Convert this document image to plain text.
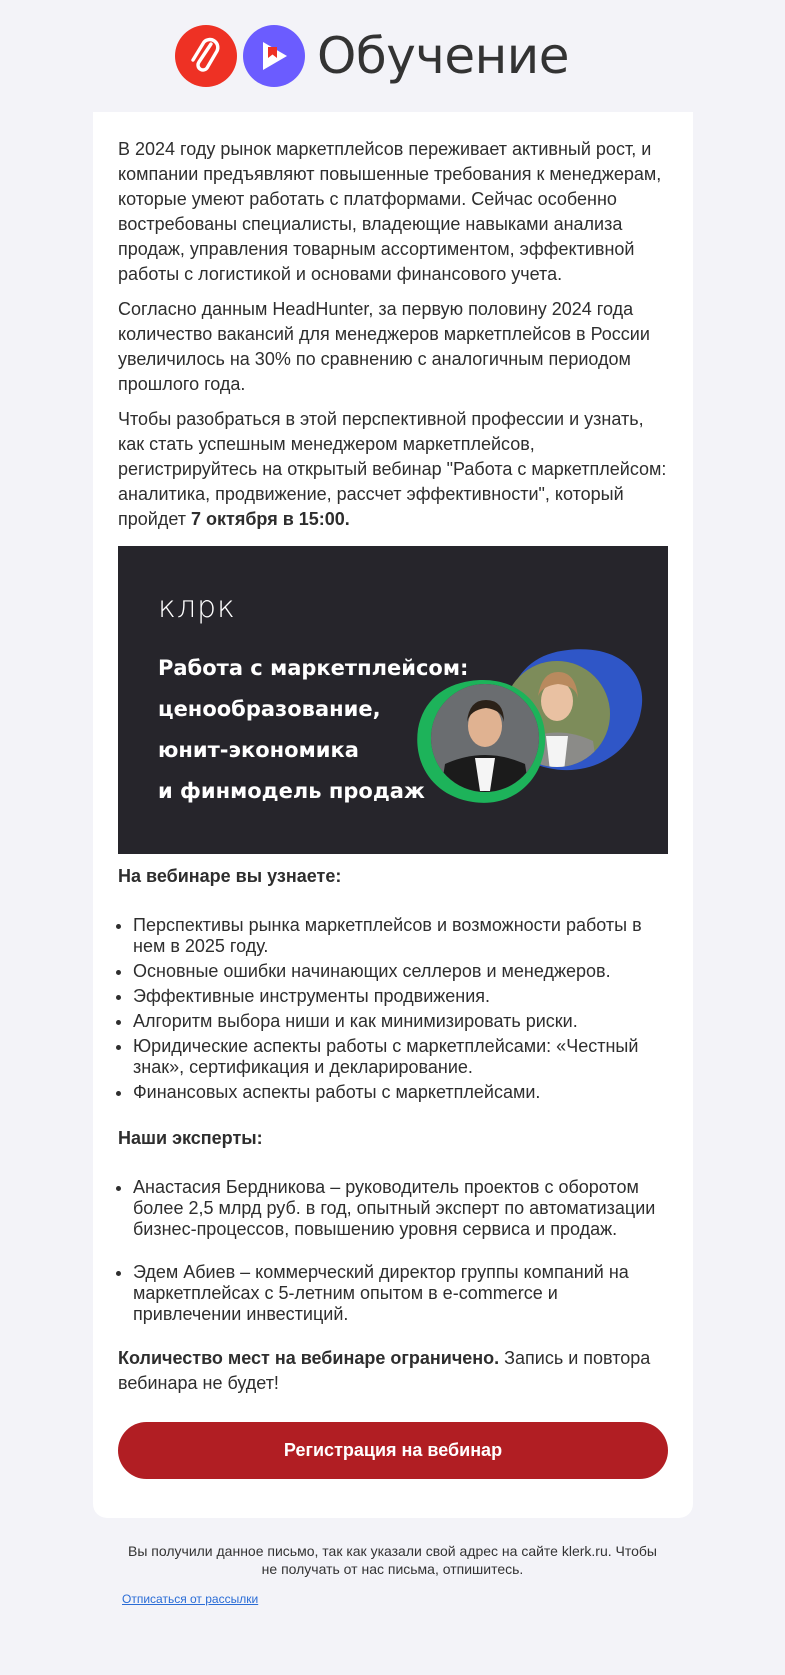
Обучение

В 2024 году рынок маркетплейсов переживает активный рост, и компании предъявляют повышенные требования к менеджерам, которые умеют работать с платформами. Сейчас особенно востребованы специалисты, владеющие навыками анализа продаж, управления товарным ассортиментом, эффективной работы с логистикой и основами финансового учета.

Согласно данным HeadHunter, за первую половину 2024 года количество вакансий для менеджеров маркетплейсов в России увеличилось на 30% по сравнению с аналогичным периодом прошлого года.

Чтобы разобраться в этой перспективной профессии и узнать, как стать успешным менеджером маркетплейсов, регистрируйтесь на открытый вебинар "Работа с маркетплейсом: аналитика, продвижение, рассчет эффективности", который пройдет 7 октября в 15:00.

кл⁠рк
Работа с маркетплейсом:
ценообразование,
юнит-экономика
и финмодель продаж
На вебинаре вы узнаете:
• Перспективы рынка маркетплейсов и возможности работы в нем в 2025 году.
• Основные ошибки начинающих селлеров и менеджеров.
• Эффективные инструменты продвижения.
• Алгоритм выбора ниши и как минимизировать риски.
• Юридические аспекты работы с маркетплейсами: «Честный знак», сертификация и декларирование.
• Финансовых аспекты работы с маркетплейсами.
Наши эксперты:
• Анастасия Бердникова – руководитель проектов с оборотом более 2,5 млрд руб. в год, опытный эксперт по автоматизации бизнес-процессов, повышению уровня сервиса и продаж.
• Эдем Абиев – коммерческий директор группы компаний на маркетплейсах с 5-летним опытом в e-commerce и привлечении инвестиций.

Количество мест на вебинаре ограничено. Запись и повтора вебинара не будет!

Регистрация на вебинар
Вы получили данное письмо, так как указали свой адрес на сайте klerk.ru. Чтобы не получать от нас письма, отпишитесь.
Отписаться от рассылки
